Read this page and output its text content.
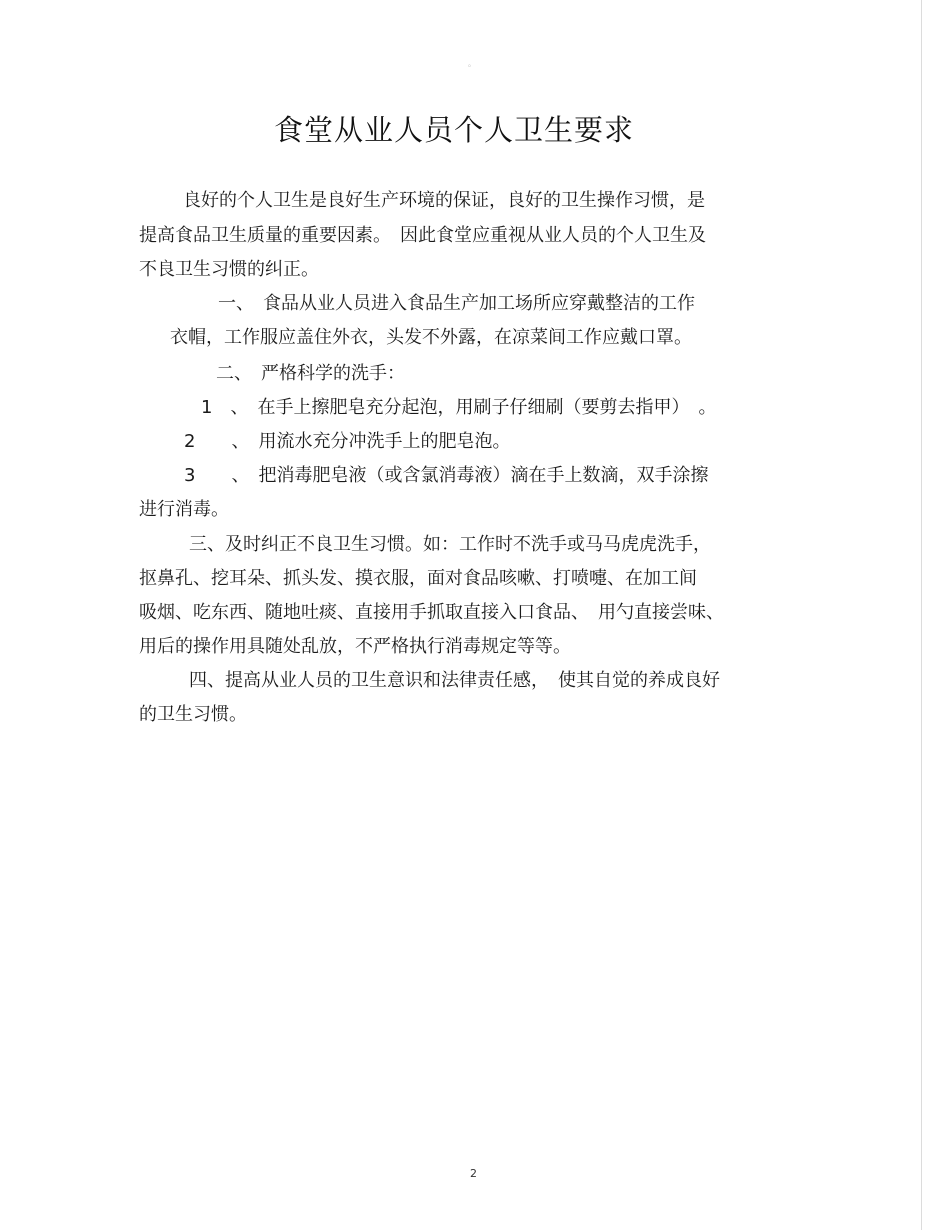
。
食堂从业人员个人卫生要求
良好的个人卫生是良好生产环境的保证，良好的卫生操作习惯，是
提高食品卫生质量的重要因素。　因此食堂应重视从业人员的个人卫生及
不良卫生习惯的纠正。
一、　食品从业人员进入食品生产加工场所应穿戴整洁的工作
衣帽，工作服应盖住外衣，头发不外露，在凉菜间工作应戴口罩。
二、　严格科学的洗手：
1　、　在手上擦肥皂充分起泡，用刷子仔细刷（要剪去指甲）　。
2　　、　用流水充分冲洗手上的肥皂泡。
3　　、　把消毒肥皂液（或含氯消毒液）滴在手上数滴，双手涂擦
进行消毒。
三、及时纠正不良卫生习惯。如：工作时不洗手或马马虎虎洗手，
抠鼻孔、挖耳朵、抓头发、摸衣服，面对食品咳嗽、打喷嚏、在加工间
吸烟、吃东西、随地吐痰、直接用手抓取直接入口食品、　用勺直接尝味、
用后的操作用具随处乱放，不严格执行消毒规定等等。
四、提高从业人员的卫生意识和法律责任感，　使其自觉的养成良好
的卫生习惯。
2
